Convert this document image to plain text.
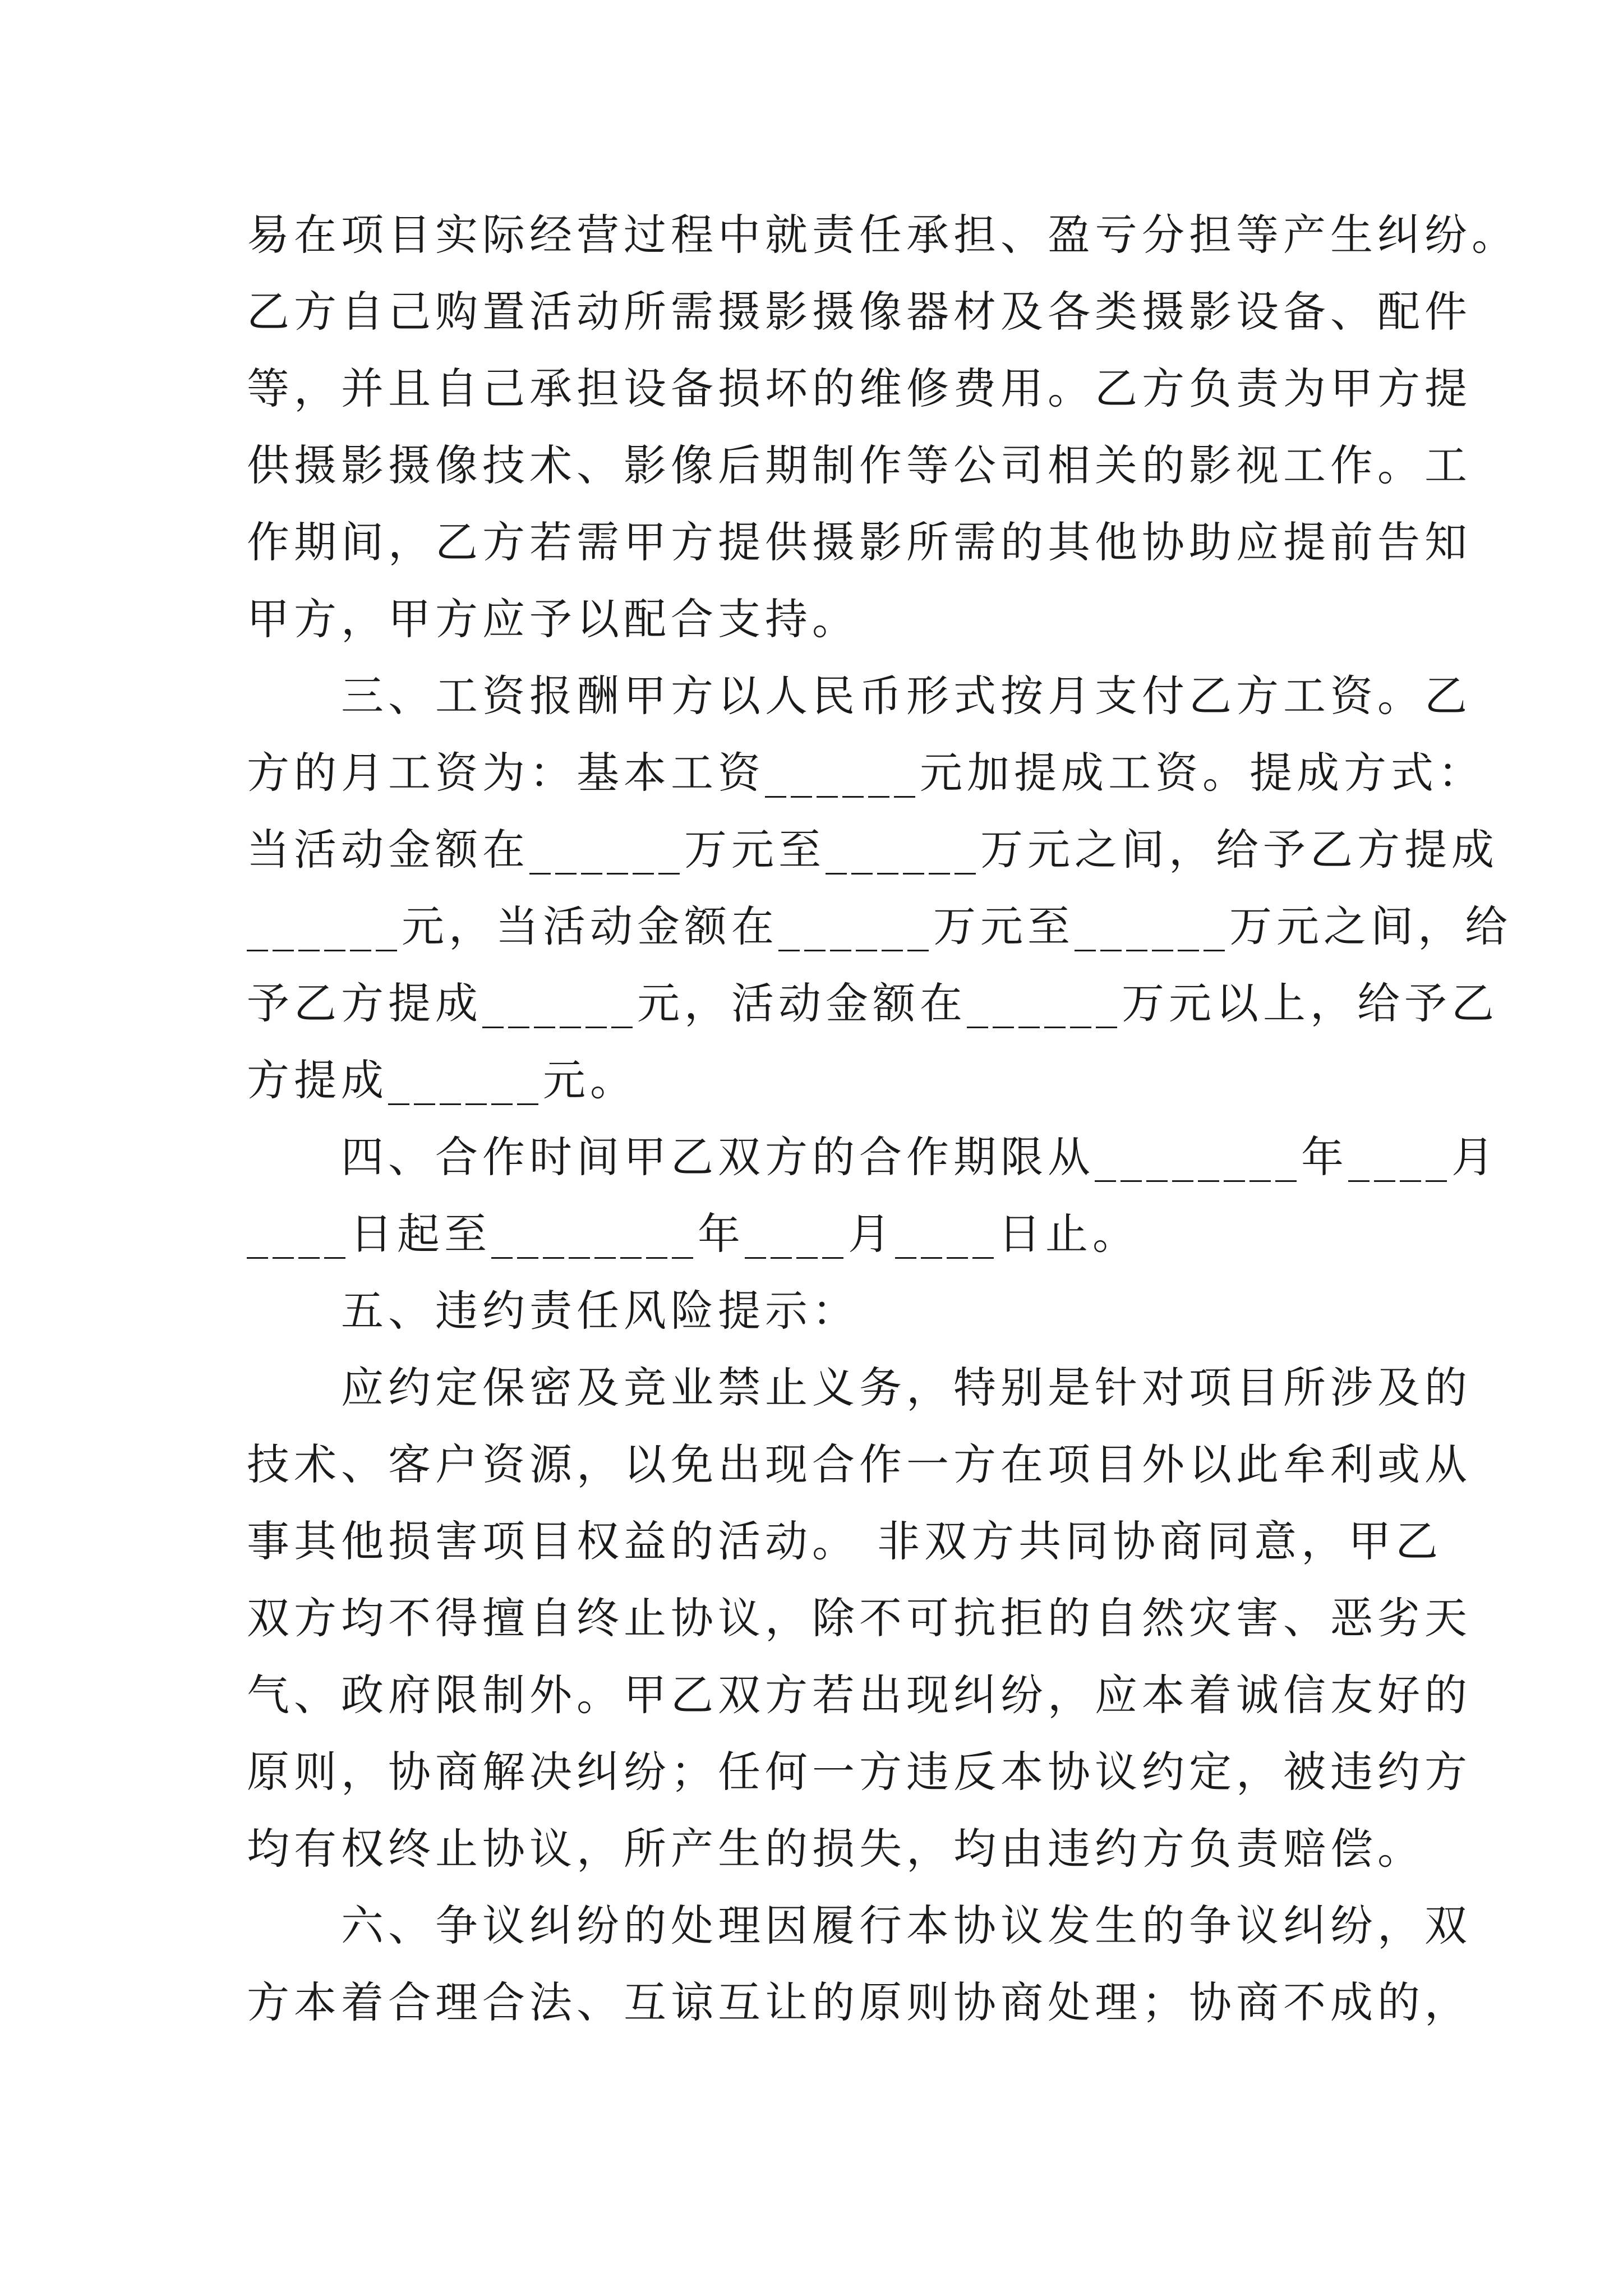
易在项目实际经营过程中就责任承担、盈亏分担等产生纠纷。
乙方自己购置活动所需摄影摄像器材及各类摄影设备、配件
等，并且自己承担设备损坏的维修费用。乙方负责为甲方提
供摄影摄像技术、影像后期制作等公司相关的影视工作。工
作期间，乙方若需甲方提供摄影所需的其他协助应提前告知
甲方，甲方应予以配合支持。
　　三、工资报酬甲方以人民币形式按月支付乙方工资。乙
方的月工资为：基本工资______元加提成工资。提成方式：
当活动金额在______万元至______万元之间，给予乙方提成
______元，当活动金额在______万元至______万元之间，给
予乙方提成______元，活动金额在______万元以上，给予乙
方提成______元。
　　四、合作时间甲乙双方的合作期限从________年____月
____日起至________年____月____日止。
　　五、违约责任风险提示：
　　应约定保密及竞业禁止义务，特别是针对项目所涉及的
技术、客户资源，以免出现合作一方在项目外以此牟利或从
事其他损害项目权益的活动。 非双方共同协商同意，甲乙
双方均不得擅自终止协议，除不可抗拒的自然灾害、恶劣天
气、政府限制外。甲乙双方若出现纠纷，应本着诚信友好的
原则，协商解决纠纷；任何一方违反本协议约定，被违约方
均有权终止协议，所产生的损失，均由违约方负责赔偿。
　　六、争议纠纷的处理因履行本协议发生的争议纠纷，双
方本着合理合法、互谅互让的原则协商处理；协商不成的，
